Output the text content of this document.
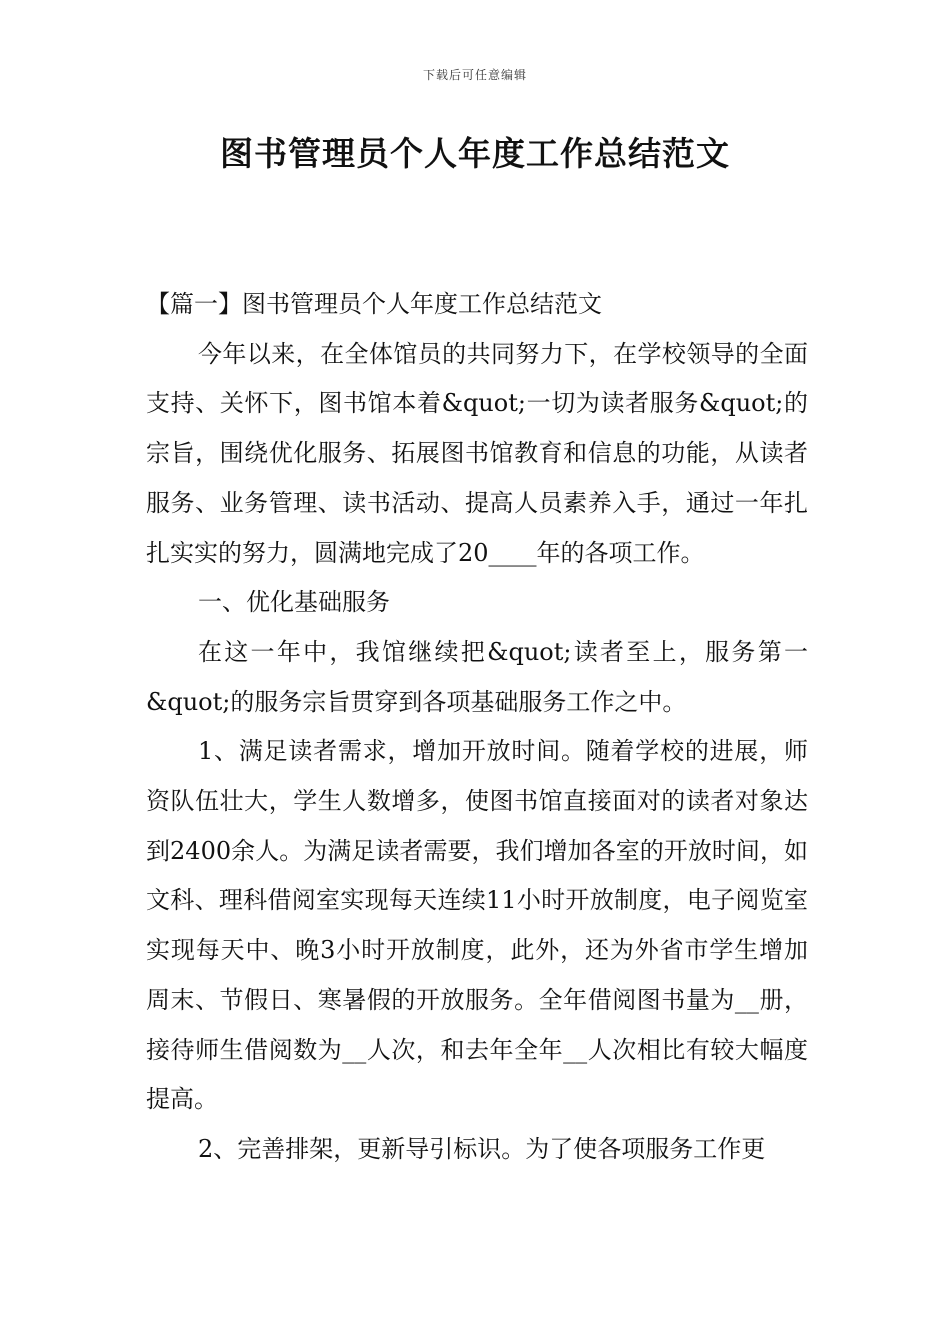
下载后可任意编辑
图书管理员个人年度工作总结范文

【篇一】图书管理员个人年度工作总结范文

今年以来，在全体馆员的共同努力下，在学校领导的全面支持、关怀下，图书馆本着&quot;一切为读者服务&quot;的宗旨，围绕优化服务、拓展图书馆教育和信息的功能，从读者服务、业务管理、读书活动、提高人员素养入手，通过一年扎扎实实的努力，圆满地完成了20____年的各项工作。

一、优化基础服务

在这一年中，我馆继续把&quot;读者至上，服务第一&quot;的服务宗旨贯穿到各项基础服务工作之中。

1、满足读者需求，增加开放时间。随着学校的进展，师资队伍壮大，学生人数增多，使图书馆直接面对的读者对象达到2400余人。为满足读者需要，我们增加各室的开放时间，如文科、理科借阅室实现每天连续11小时开放制度，电子阅览室实现每天中、晚3小时开放制度，此外，还为外省市学生增加周末、节假日、寒暑假的开放服务。全年借阅图书量为__册，接待师生借阅数为__人次，和去年全年__人次相比有较大幅度提高。

2、完善排架，更新导引标识。为了使各项服务工作更
